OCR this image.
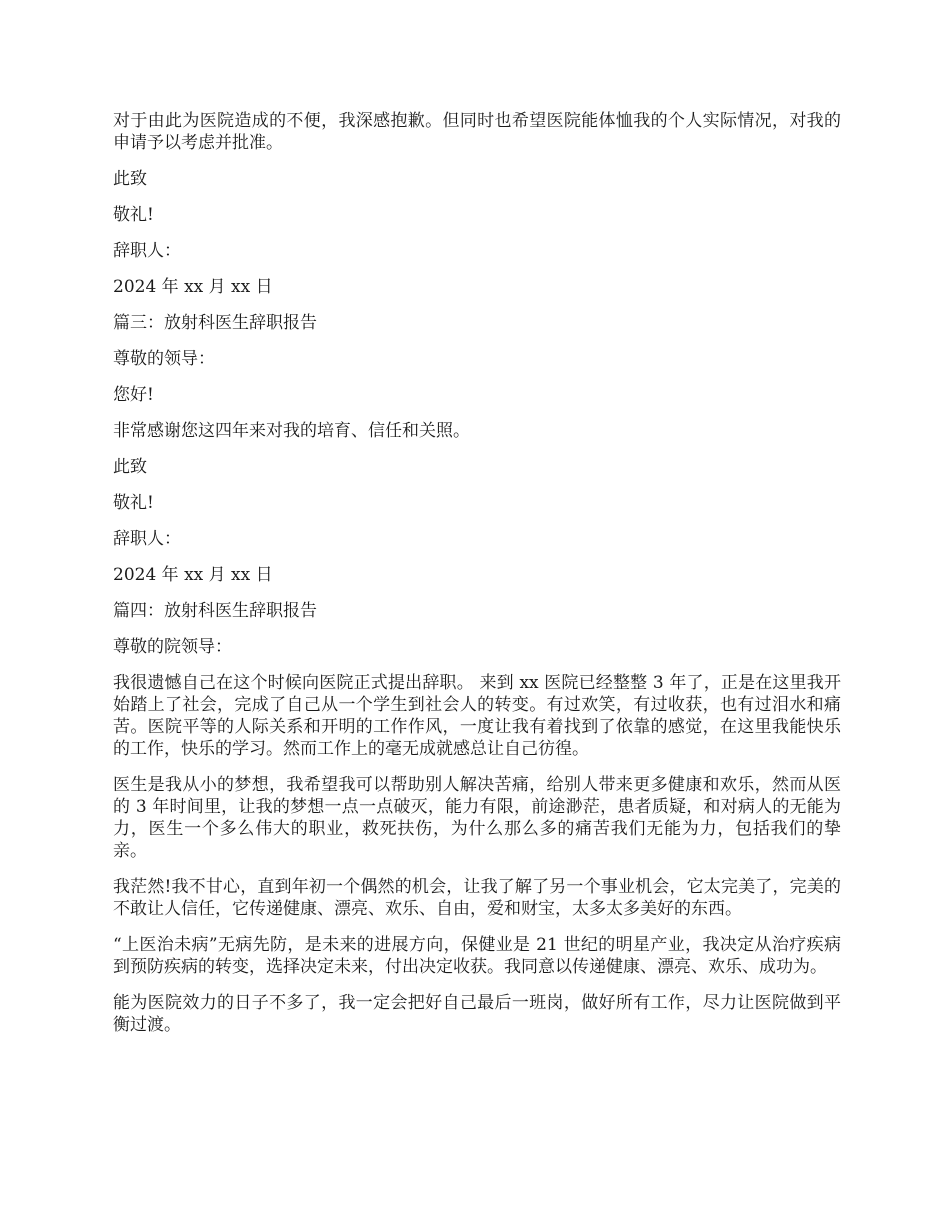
对于由此为医院造成的不便，我深感抱歉。但同时也希望医院能体恤我的个人实际情况，对我的申请予以考虑并批准。

此致

敬礼!

辞职人：

2024 年 xx 月 xx 日

篇三：放射科医生辞职报告

尊敬的领导：

您好!

非常感谢您这四年来对我的培育、信任和关照。

此致

敬礼!

辞职人：

2024 年 xx 月 xx 日

篇四：放射科医生辞职报告

尊敬的院领导：

我很遗憾自己在这个时候向医院正式提出辞职。 来到 xx 医院已经整整 3 年了，正是在这里我开始踏上了社会，完成了自己从一个学生到社会人的转变。有过欢笑，有过收获，也有过泪水和痛苦。医院平等的人际关系和开明的工作作风，一度让我有着找到了依靠的感觉，在这里我能快乐的工作，快乐的学习。然而工作上的毫无成就感总让自己彷徨。

医生是我从小的梦想，我希望我可以帮助别人解决苦痛，给别人带来更多健康和欢乐，然而从医的 3 年时间里，让我的梦想一点一点破灭，能力有限，前途渺茫，患者质疑，和对病人的无能为力，医生一个多么伟大的职业，救死扶伤，为什么那么多的痛苦我们无能为力，包括我们的挚亲。

我茫然!我不甘心，直到年初一个偶然的机会，让我了解了另一个事业机会，它太完美了，完美的不敢让人信任，它传递健康、漂亮、欢乐、自由，爱和财宝，太多太多美好的东西。

“上医治未病”无病先防，是未来的进展方向，保健业是 21 世纪的明星产业，我决定从治疗疾病到预防疾病的转变，选择决定未来，付出决定收获。我同意以传递健康、漂亮、欢乐、成功为。

能为医院效力的日子不多了，我一定会把好自己最后一班岗，做好所有工作，尽力让医院做到平衡过渡。
